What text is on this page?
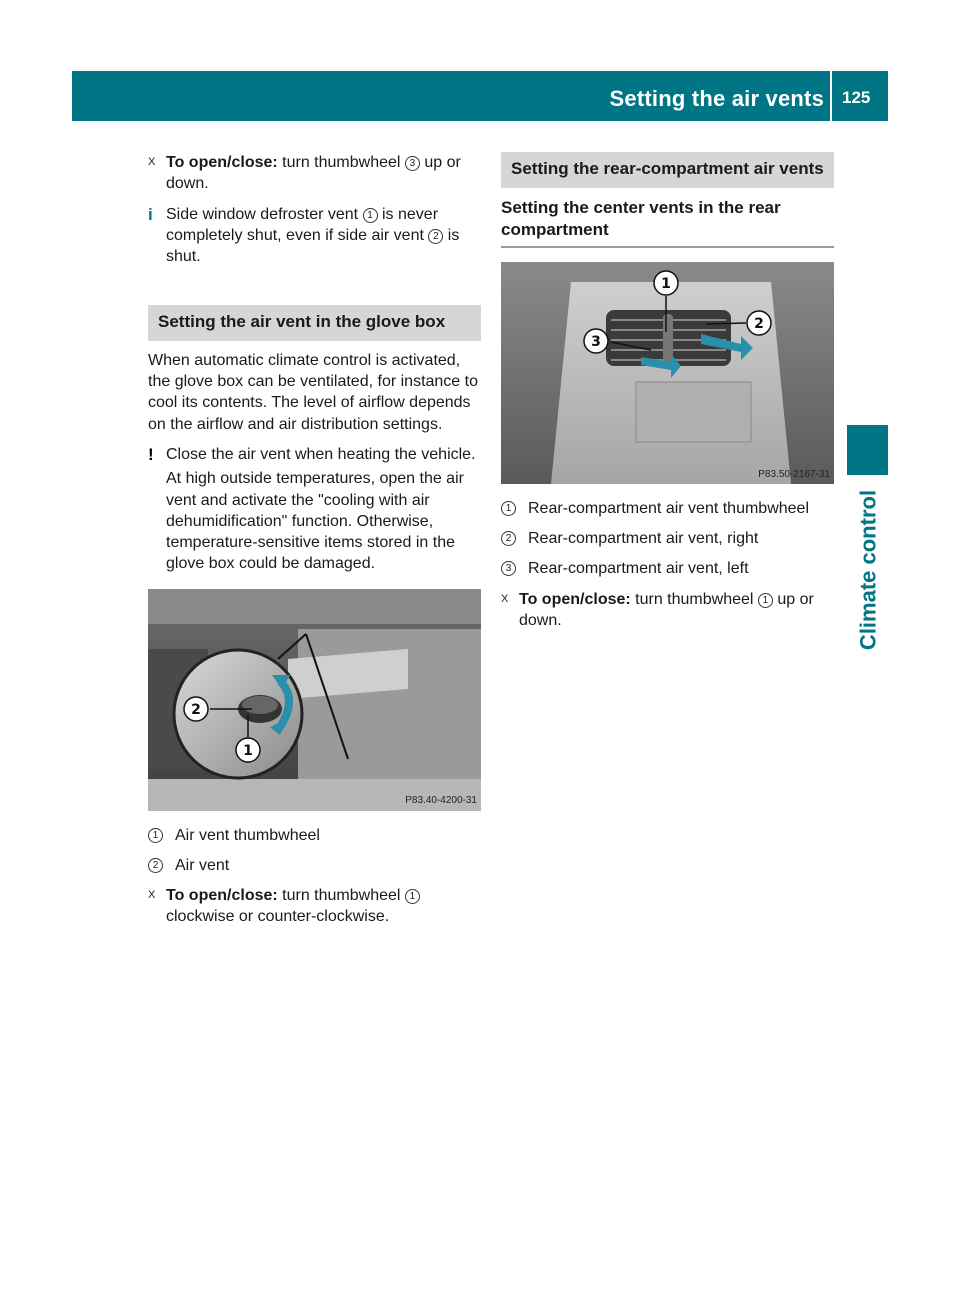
Setting the air vents 125
Climate control

X To open/close: turn thumbwheel 3 up or down.

i Side window defroster vent 1 is never completely shut, even if side air vent 2 is shut.

Setting the air vent in the glove box

When automatic climate control is activated, the glove box can be ventilated, for instance to cool its contents. The level of airflow depends on the airflow and air distribution settings.

! Close the air vent when heating the vehicle.

At high outside temperatures, open the air vent and activate the "cooling with air dehumidification" function. Otherwise, temperature-sensitive items stored in the glove box could be damaged.

2
1
P83.40-4200-31
1 Air vent thumbwheel
2 Air vent

X To open/close: turn thumbwheel 1 clockwise or counter-clockwise.

Setting the rear-compartment air vents
Setting the center vents in the rear compartment
1
2
3
P83.50-2167-31
1 Rear-compartment air vent thumbwheel
2 Rear-compartment air vent, right
3 Rear-compartment air vent, left

X To open/close: turn thumbwheel 1 up or down.
